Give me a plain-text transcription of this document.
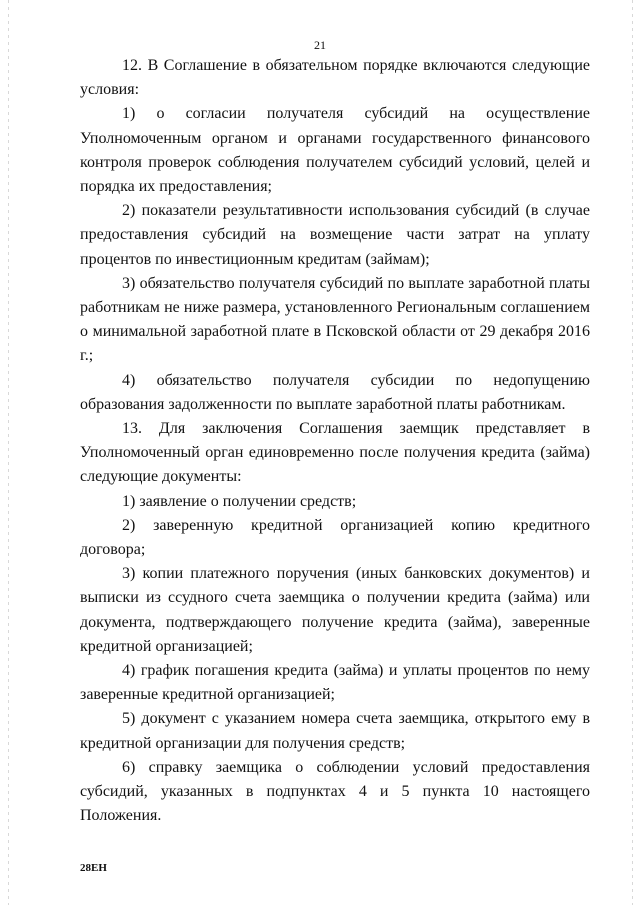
21

12. В Соглашение в обязательном порядке включаются следующие условия:

1) о согласии получателя субсидий на осуществление Уполномоченным органом и органами государственного финансового контроля проверок соблюдения получателем субсидий условий, целей и порядка их предоставления;

2) показатели результативности использования субсидий (в случае предоставления субсидий на возмещение части затрат на уплату процентов по инвестиционным кредитам (займам);

3) обязательство получателя субсидий по выплате заработной платы работникам не ниже размера, установленного Региональным соглашением о минимальной заработной плате в Псковской области от 29 декабря 2016 г.;

4) обязательство получателя субсидии по недопущению образования задолженности по выплате заработной платы работникам.

13. Для заключения Соглашения заемщик представляет в Уполномоченный орган единовременно после получения кредита (займа) следующие документы:

1) заявление о получении средств;

2) заверенную кредитной организацией копию кредитного договора;

3) копии платежного поручения (иных банковских документов) и выписки из ссудного счета заемщика о получении кредита (займа) или документа, подтверждающего получение кредита (займа), заверенные кредитной организацией;

4) график погашения кредита (займа) и уплаты процентов по нему заверенные кредитной организацией;

5) документ с указанием номера счета заемщика, открытого ему в кредитной организации для получения средств;

6) справку заемщика о соблюдении условий предоставления субсидий, указанных в подпунктах 4 и 5 пункта 10 настоящего Положения.

28ЕН
